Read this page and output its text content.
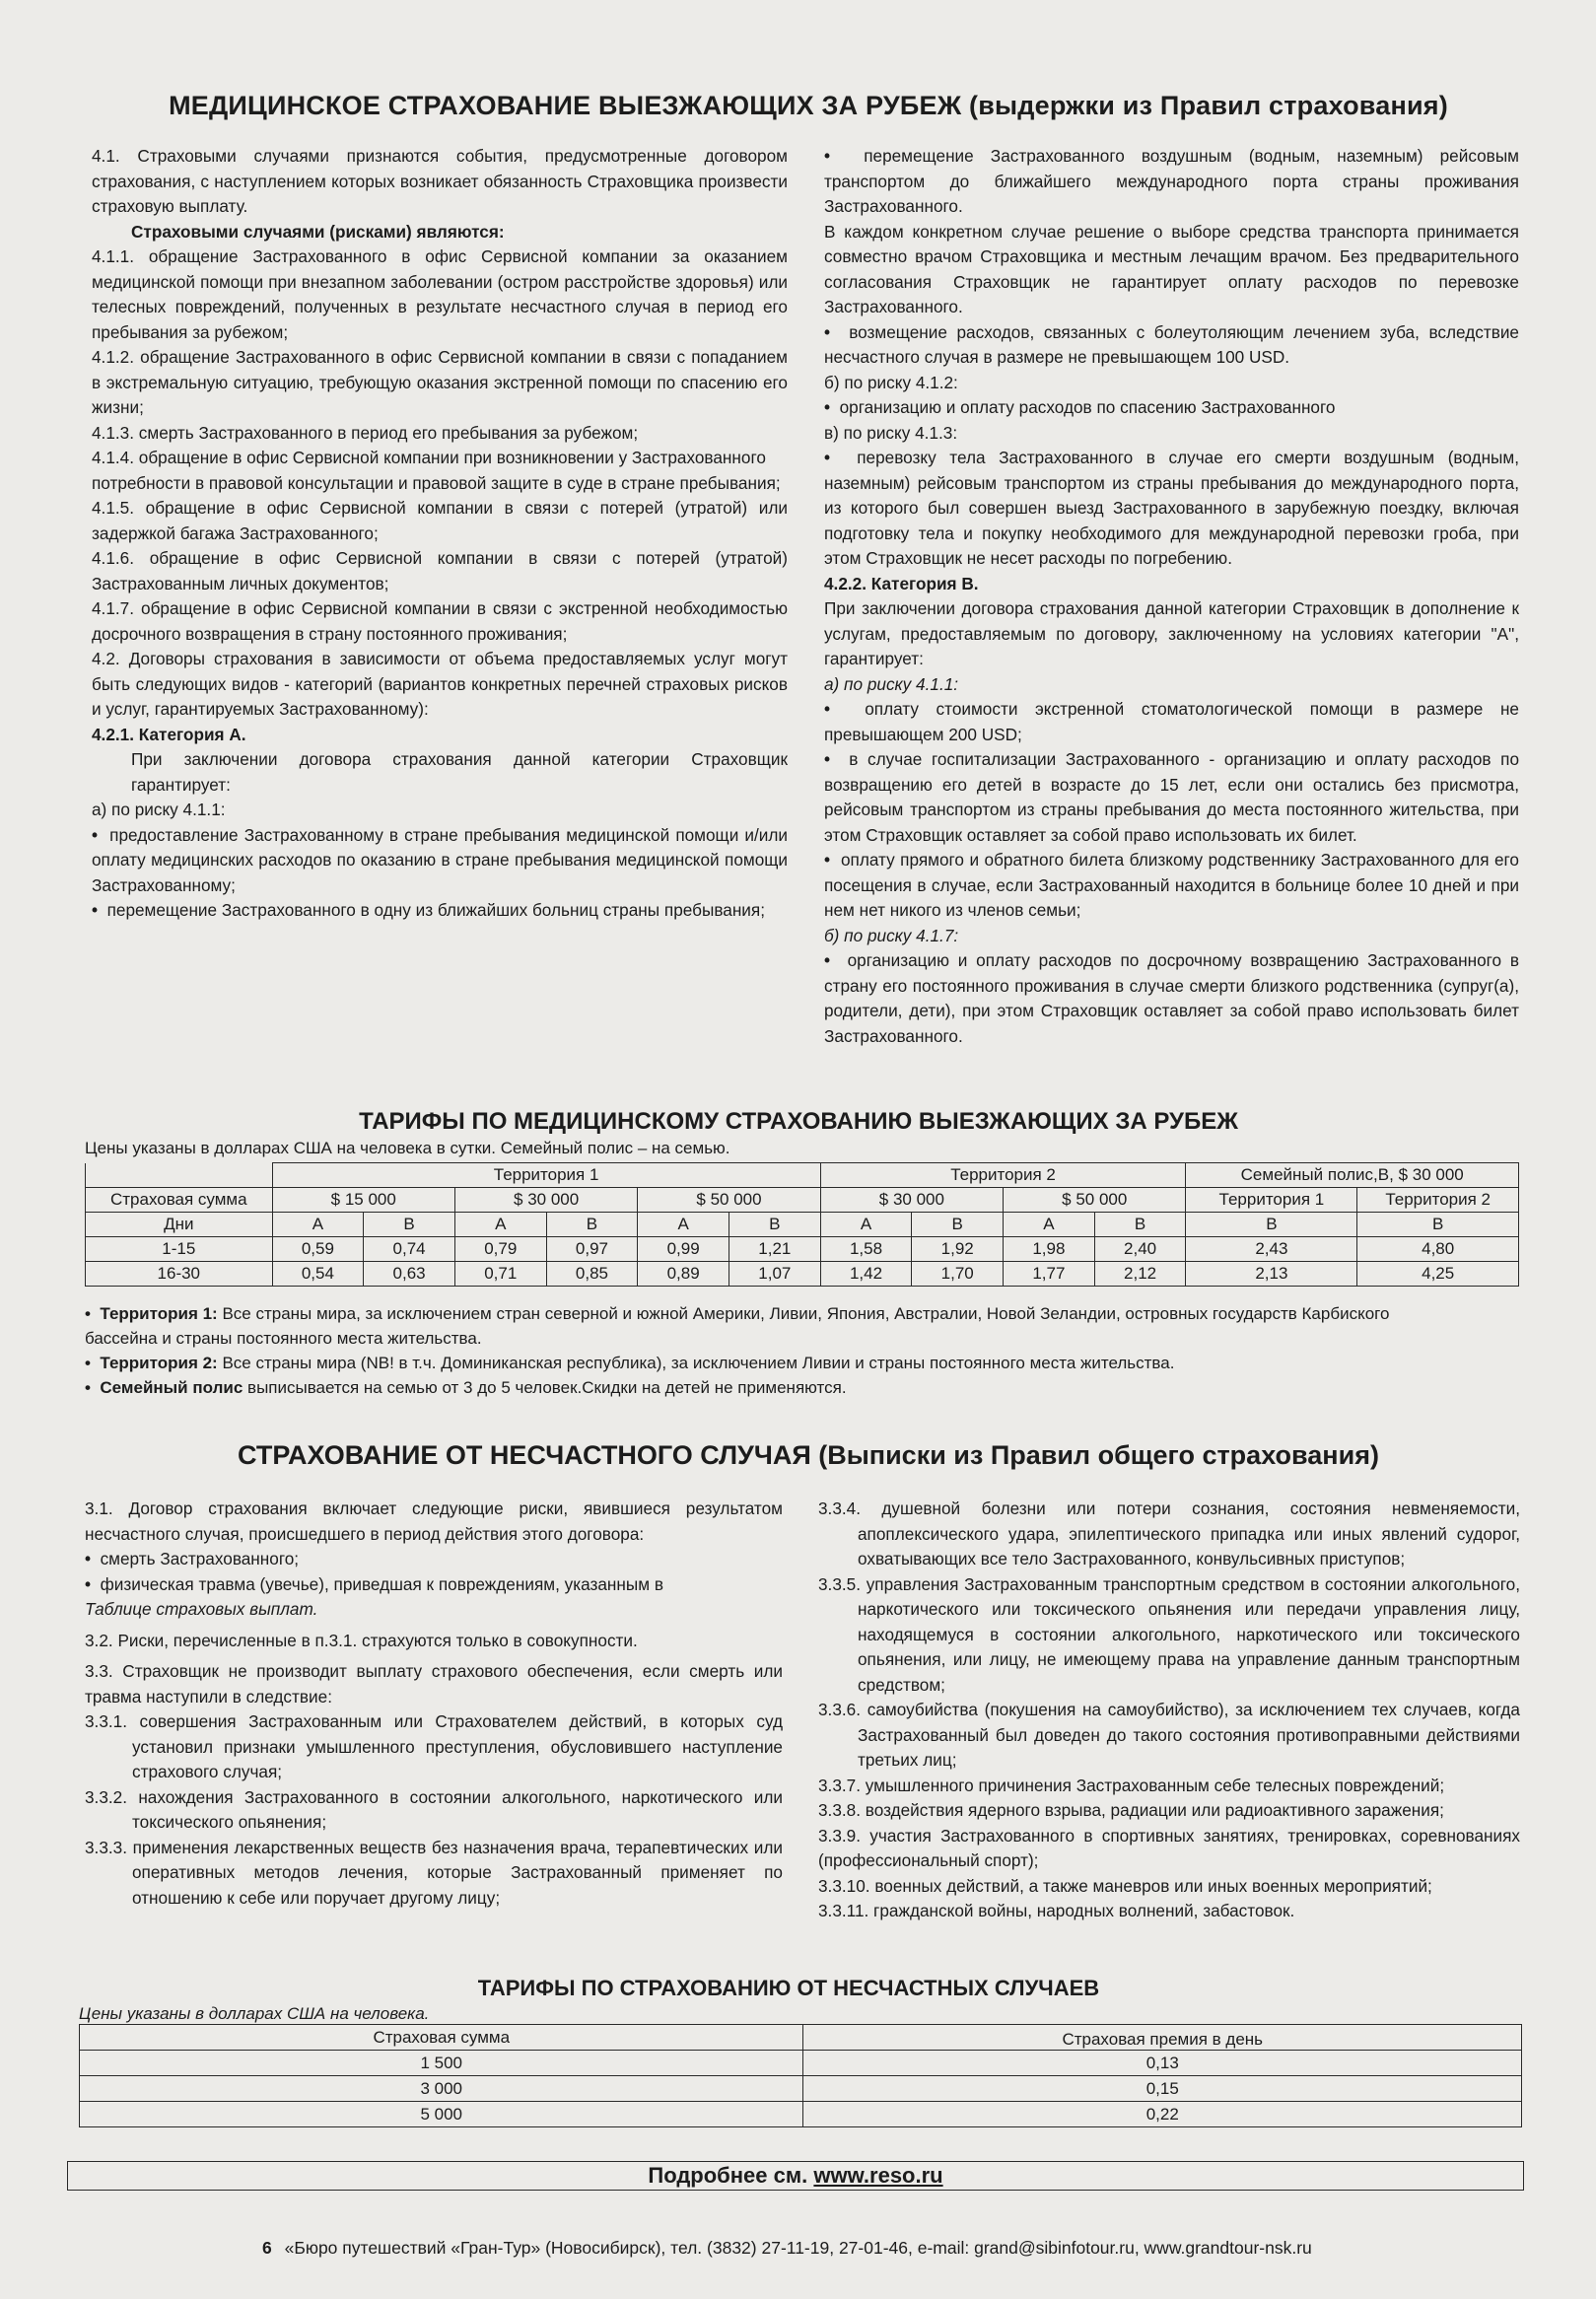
МЕДИЦИНСКОЕ СТРАХОВАНИЕ ВЫЕЗЖАЮЩИХ ЗА РУБЕЖ (выдержки из Правил страхования)

4.1. Страховыми случаями признаются события, предусмотренные договором страхования, с наступлением которых возникает обязанность Страховщика произвести страховую выплату.

Страховыми случаями (рисками) являются:

4.1.1. обращение Застрахованного в офис Сервисной компании за оказанием медицинской помощи при внезапном заболевании (остром расстройстве здоровья) или телесных повреждений, полученных в результате несчастного случая в период его пребывания за рубежом;

4.1.2. обращение Застрахованного в офис Сервисной компании в связи с попаданием в экстремальную ситуацию, требующую оказания экстренной помощи по спасению его жизни;

4.1.3. смерть Застрахованного в период его пребывания за рубежом;

4.1.4. обращение в офис Сервисной компании при возникновении у Застрахованного

потребности в правовой консультации и правовой защите в суде в стране пребывания;

4.1.5. обращение в офис Сервисной компании в связи с потерей (утратой) или задержкой багажа Застрахованного;

4.1.6. обращение в офис Сервисной компании в связи с потерей (утратой) Застрахованным личных документов;

4.1.7. обращение в офис Сервисной компании в связи с экстренной необходимостью досрочного возвращения в страну постоянного проживания;

4.2. Договоры страхования в зависимости от объема предоставляемых услуг могут быть следующих видов - категорий (вариантов конкретных перечней страховых рисков и услуг, гарантируемых Застрахованному):

4.2.1. Категория А.

При заключении договора страхования данной категории Страховщик гарантирует:

а) по риску 4.1.1:

•  предоставление Застрахованному в стране пребывания медицинской помощи и/или оплату медицинских расходов по оказанию в стране пребывания медицинской помощи Застрахованному;

•  перемещение Застрахованного в одну из ближайших больниц страны пребывания;

•  перемещение Застрахованного воздушным (водным, наземным) рейсовым транспортом до ближайшего международного порта страны проживания Застрахованного.

В каждом конкретном случае решение о выборе средства транспорта принимается совместно врачом Страховщика и местным лечащим врачом. Без предварительного согласования Страховщик не гарантирует оплату расходов по перевозке Застрахованного.

•  возмещение расходов, связанных с болеутоляющим лечением зуба, вследствие несчастного случая в размере не превышающем 100 USD.

б) по риску 4.1.2:

•  организацию и оплату расходов по спасению Застрахованного

в) по риску 4.1.3:

•  перевозку тела Застрахованного в случае его смерти воздушным (водным, наземным) рейсовым транспортом из страны пребывания до международного порта, из которого был совершен выезд Застрахованного в зарубежную поездку, включая подготовку тела и покупку необходимого для международной перевозки гроба, при этом Страховщик не несет расходы по погребению.

4.2.2. Категория В.

При заключении договора страхования данной категории Страховщик в дополнение к услугам, предоставляемым по договору, заключенному на условиях категории "А", гарантирует:

а) по риску 4.1.1:

•  оплату стоимости экстренной стоматологической помощи в размере не превышающем 200 USD;

•  в случае госпитализации Застрахованного - организацию и оплату расходов по возвращению его детей в возрасте до 15 лет, если они остались без присмотра, рейсовым транспортом из страны пребывания до места постоянного жительства, при этом Страховщик оставляет за собой право использовать их билет.

•  оплату прямого и обратного билета близкому родственнику Застрахованного для его посещения в случае, если Застрахованный находится в больнице более 10 дней и при нем нет никого из членов семьи;

б) по риску 4.1.7:

•  организацию и оплату расходов по досрочному возвращению Застрахованного в страну его постоянного проживания в случае смерти близкого родственника (супруг(а), родители, дети), при этом Страховщик оставляет за собой право использовать билет Застрахованного.

ТАРИФЫ ПО МЕДИЦИНСКОМУ СТРАХОВАНИЮ ВЫЕЗЖАЮЩИХ ЗА РУБЕЖ
Цены указаны в долларах США на человека в сутки. Семейный полис – на семью.
	Территория 1						Территория 2				Семейный полис,В, $ 30 000	
Страховая сумма	$ 15 000		$ 30 000		$ 50 000		$ 30 000		$ 50 000		Территория 1	Территория 2
Дни	A	B	A	B	A	B	A	B	A	B	B	B
1-15	0,59	0,74	0,79	0,97	0,99	1,21	1,58	1,92	1,98	2,40	2,43	4,80
16-30	0,54	0,63	0,71	0,85	0,89	1,07	1,42	1,70	1,77	2,12	2,13	4,25

•  Территория 1: Все страны мира, за исключением стран северной и южной Америки, Ливии, Япония, Австралии, Новой Зеландии, островных государств Карбиского

бассейна и страны постоянного места жительства.

•  Территория 2: Все страны мира (NB! в т.ч. Доминиканская республика), за исключением Ливии и страны постоянного места жительства.

•  Семейный полис выписывается на семью от 3 до 5 человек.Скидки на детей не применяются.

СТРАХОВАНИЕ ОТ НЕСЧАСТНОГО СЛУЧАЯ (Выписки из Правил общего страхования)

3.1. Договор страхования включает следующие риски, явившиеся результатом несчастного случая, происшедшего в период действия этого договора:

•  смерть Застрахованного;

•  физическая травма (увечье), приведшая к повреждениям, указанным в

Таблице страховых выплат.

3.2. Риски, перечисленные в п.3.1. страхуются только в совокупности.

3.3. Страховщик не производит выплату страхового обеспечения, если смерть или травма наступили в следствие:

3.3.1. совершения Застрахованным или Страхователем действий, в которых суд установил признаки умышленного преступления, обусловившего наступление страхового случая;

3.3.2. нахождения Застрахованного в состоянии алкогольного, наркотического или токсического опьянения;

3.3.3. применения лекарственных веществ без назначения врача, терапевтических или оперативных методов лечения, которые Застрахованный применяет по отношению к себе или поручает другому лицу;

3.3.4. душевной болезни или потери сознания, состояния невменяемости, апоплексического удара, эпилептического припадка или иных явлений судорог, охватывающих все тело Застрахованного, конвульсивных приступов;

3.3.5. управления Застрахованным транспортным средством в состоянии алкогольного, наркотического или токсического опьянения или передачи управления лицу, находящемуся в состоянии алкогольного, наркотического или токсического опьянения, или лицу, не имеющему права на управление данным транспортным средством;

3.3.6. самоубийства (покушения на самоубийство), за исключением тех случаев, когда Застрахованный был доведен до такого состояния противоправными действиями третьих лиц;

3.3.7. умышленного причинения Застрахованным себе телесных повреждений;

3.3.8. воздействия ядерного взрыва, радиации или радиоактивного заражения;

3.3.9. участия Застрахованного в спортивных занятиях, тренировках, соревнованиях (профессиональный спорт);

3.3.10. военных действий, а также маневров или иных военных мероприятий;

3.3.11. гражданской войны, народных волнений, забастовок.

ТАРИФЫ ПО СТРАХОВАНИЮ ОТ НЕСЧАСТНЫХ СЛУЧАЕВ
Цены указаны в долларах США на человека.
Страховая сумма	Страховая премия в день
1 500	0,13
3 000	0,15
5 000	0,22
Подробнее см. www.reso.ru
6 «Бюро путешествий «Гран-Тур» (Новосибирск), тел. (3832) 27-11-19, 27-01-46, e-mail: grand@sibinfotour.ru, www.grandtour-nsk.ru
